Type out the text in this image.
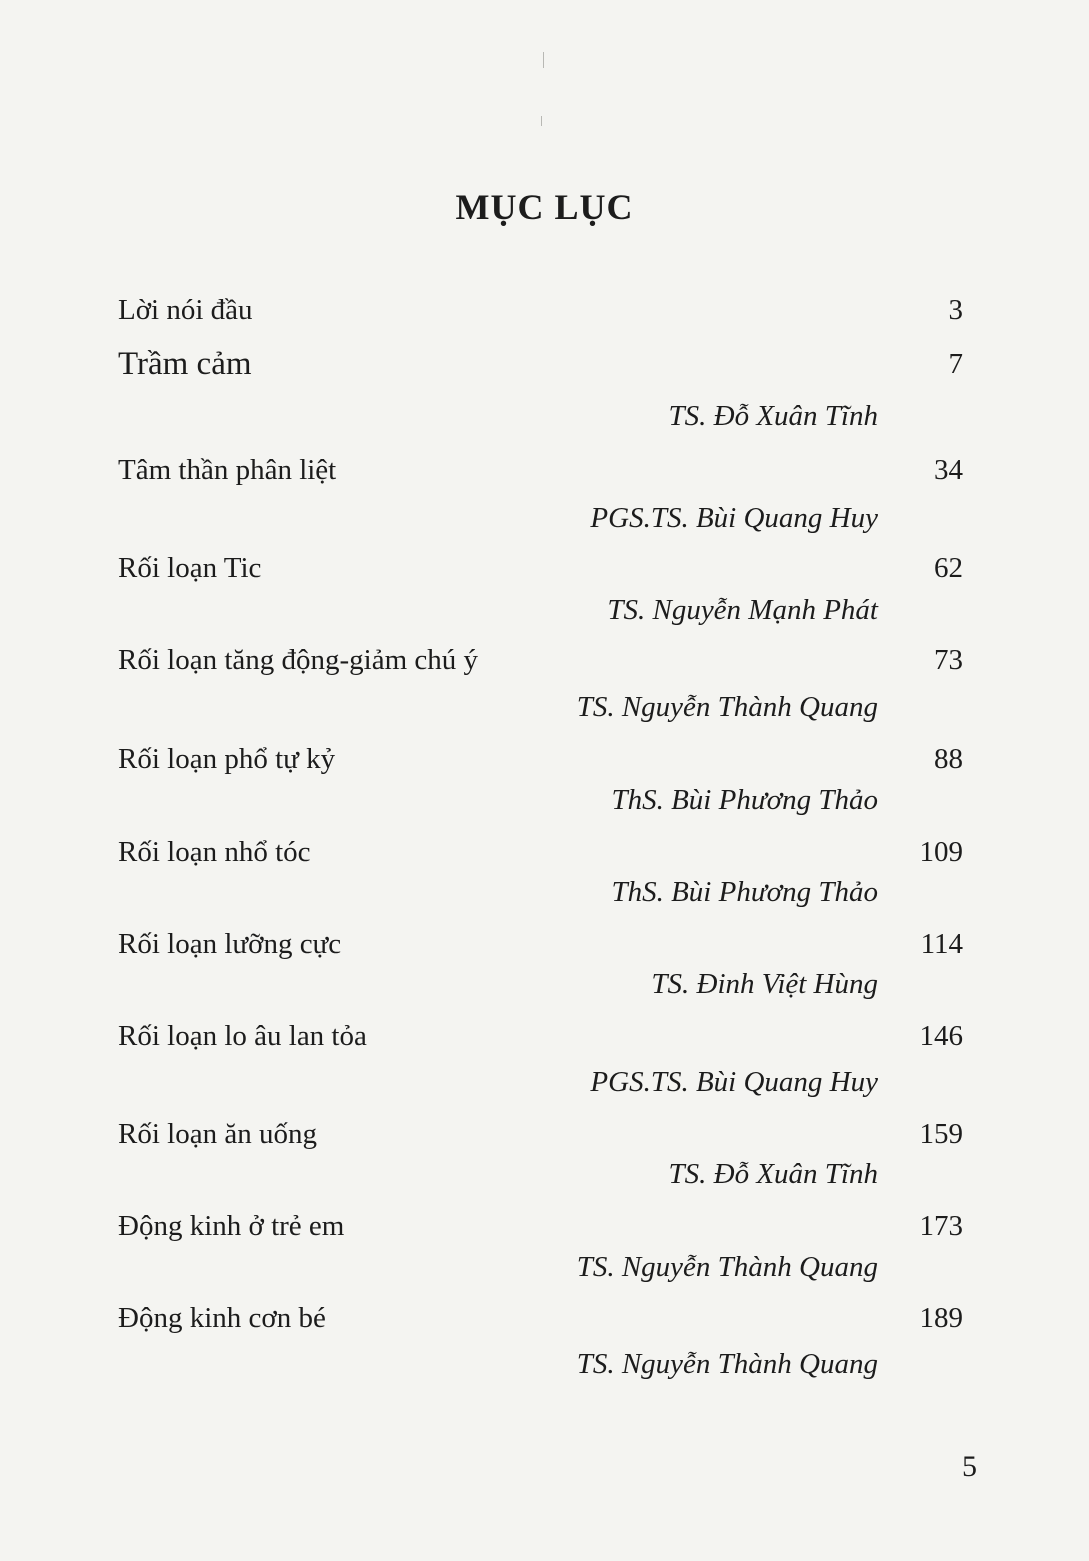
MỤC LỤC
Lời nói đầu	3
Trầm cảm	7
TS. Đỗ Xuân Tĩnh
Tâm thần phân liệt	34
PGS.TS. Bùi Quang Huy
Rối loạn Tic	62
TS. Nguyễn Mạnh Phát
Rối loạn tăng động-giảm chú ý	73
TS. Nguyễn Thành Quang
Rối loạn phổ tự kỷ	88
ThS. Bùi Phương Thảo
Rối loạn nhổ tóc	109
ThS. Bùi Phương Thảo
Rối loạn lưỡng cực	114
TS. Đinh Việt Hùng
Rối loạn lo âu lan tỏa	146
PGS.TS. Bùi Quang Huy
Rối loạn ăn uống	159
TS. Đỗ Xuân Tĩnh
Động kinh ở trẻ em	173
TS. Nguyễn Thành Quang
Động kinh cơn bé	189
TS. Nguyễn Thành Quang
5
